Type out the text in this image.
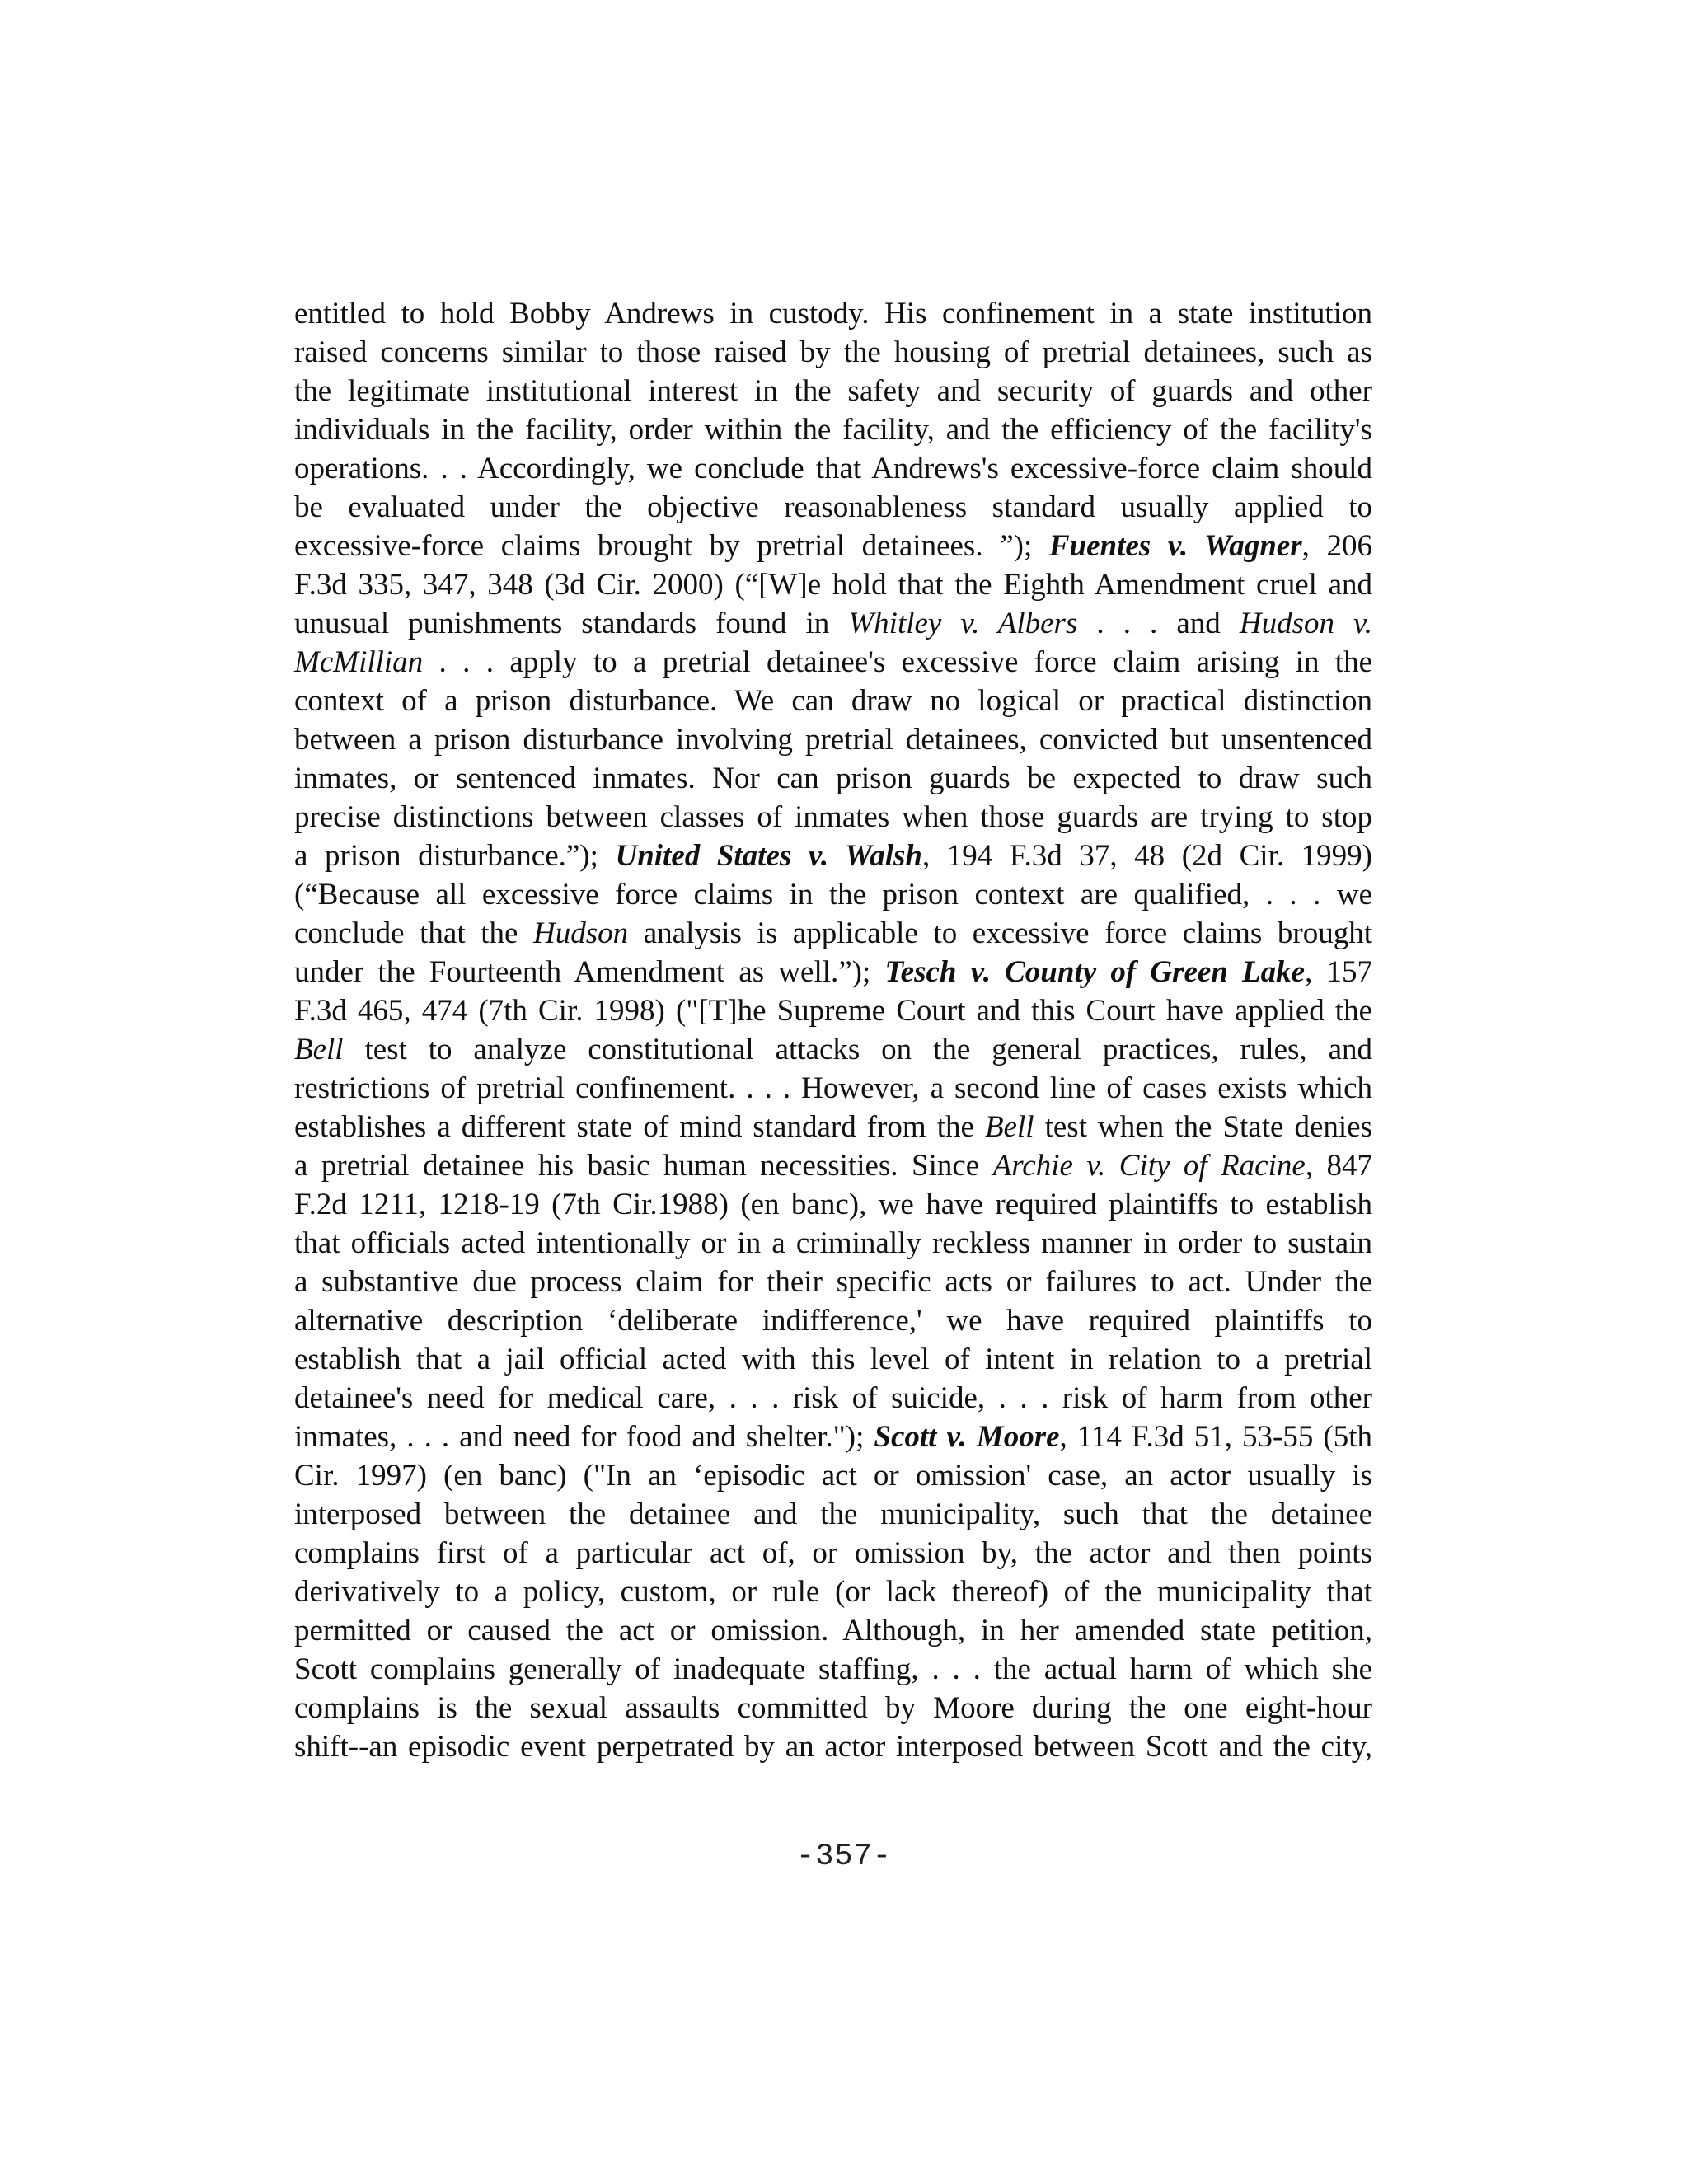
entitled to hold Bobby Andrews in custody. His confinement in a state institution
raised concerns similar to those raised by the housing of pretrial detainees, such as
the legitimate institutional interest in the safety and security of guards and other
individuals in the facility, order within the facility, and the efficiency of the facility's
operations. . . Accordingly, we conclude that Andrews's excessive-force claim should
be evaluated under the objective reasonableness standard usually applied to
excessive-force claims brought by pretrial detainees. ”); Fuentes v. Wagner, 206
F.3d 335, 347, 348 (3d Cir. 2000) (“[W]e hold that the Eighth Amendment cruel and
unusual punishments standards found in Whitley v. Albers . . . and Hudson v.
McMillian . . . apply to a pretrial detainee's excessive force claim arising in the
context of a prison disturbance. We can draw no logical or practical distinction
between a prison disturbance involving pretrial detainees, convicted but unsentenced
inmates, or sentenced inmates. Nor can prison guards be expected to draw such
precise distinctions between classes of inmates when those guards are trying to stop
a prison disturbance.”); United States v. Walsh, 194 F.3d 37, 48 (2d Cir. 1999)
(“Because all excessive force claims in the prison context are qualified, . . . we
conclude that the Hudson analysis is applicable to excessive force claims brought
under the Fourteenth Amendment as well.”); Tesch v. County of Green Lake, 157
F.3d 465, 474 (7th Cir. 1998) ("[T]he Supreme Court and this Court have applied the
Bell test to analyze constitutional attacks on the general practices, rules, and
restrictions of pretrial confinement. . . . However, a second line of cases exists which
establishes a different state of mind standard from the Bell test when the State denies
a pretrial detainee his basic human necessities. Since Archie v. City of Racine, 847
F.2d 1211, 1218-19 (7th Cir.1988) (en banc), we have required plaintiffs to establish
that officials acted intentionally or in a criminally reckless manner in order to sustain
a substantive due process claim for their specific acts or failures to act. Under the
alternative description ‘deliberate indifference,' we have required plaintiffs to
establish that a jail official acted with this level of intent in relation to a pretrial
detainee's need for medical care, . . . risk of suicide, . . . risk of harm from other
inmates, . . . and need for food and shelter."); Scott v. Moore, 114 F.3d 51, 53-55 (5th
Cir. 1997) (en banc) ("In an ‘episodic act or omission' case, an actor usually is
interposed between the detainee and the municipality, such that the detainee
complains first of a particular act of, or omission by, the actor and then points
derivatively to a policy, custom, or rule (or lack thereof) of the municipality that
permitted or caused the act or omission. Although, in her amended state petition,
Scott complains generally of inadequate staffing, . . . the actual harm of which she
complains is the sexual assaults committed by Moore during the one eight-hour
shift--an episodic event perpetrated by an actor interposed between Scott and the city,
-357-
